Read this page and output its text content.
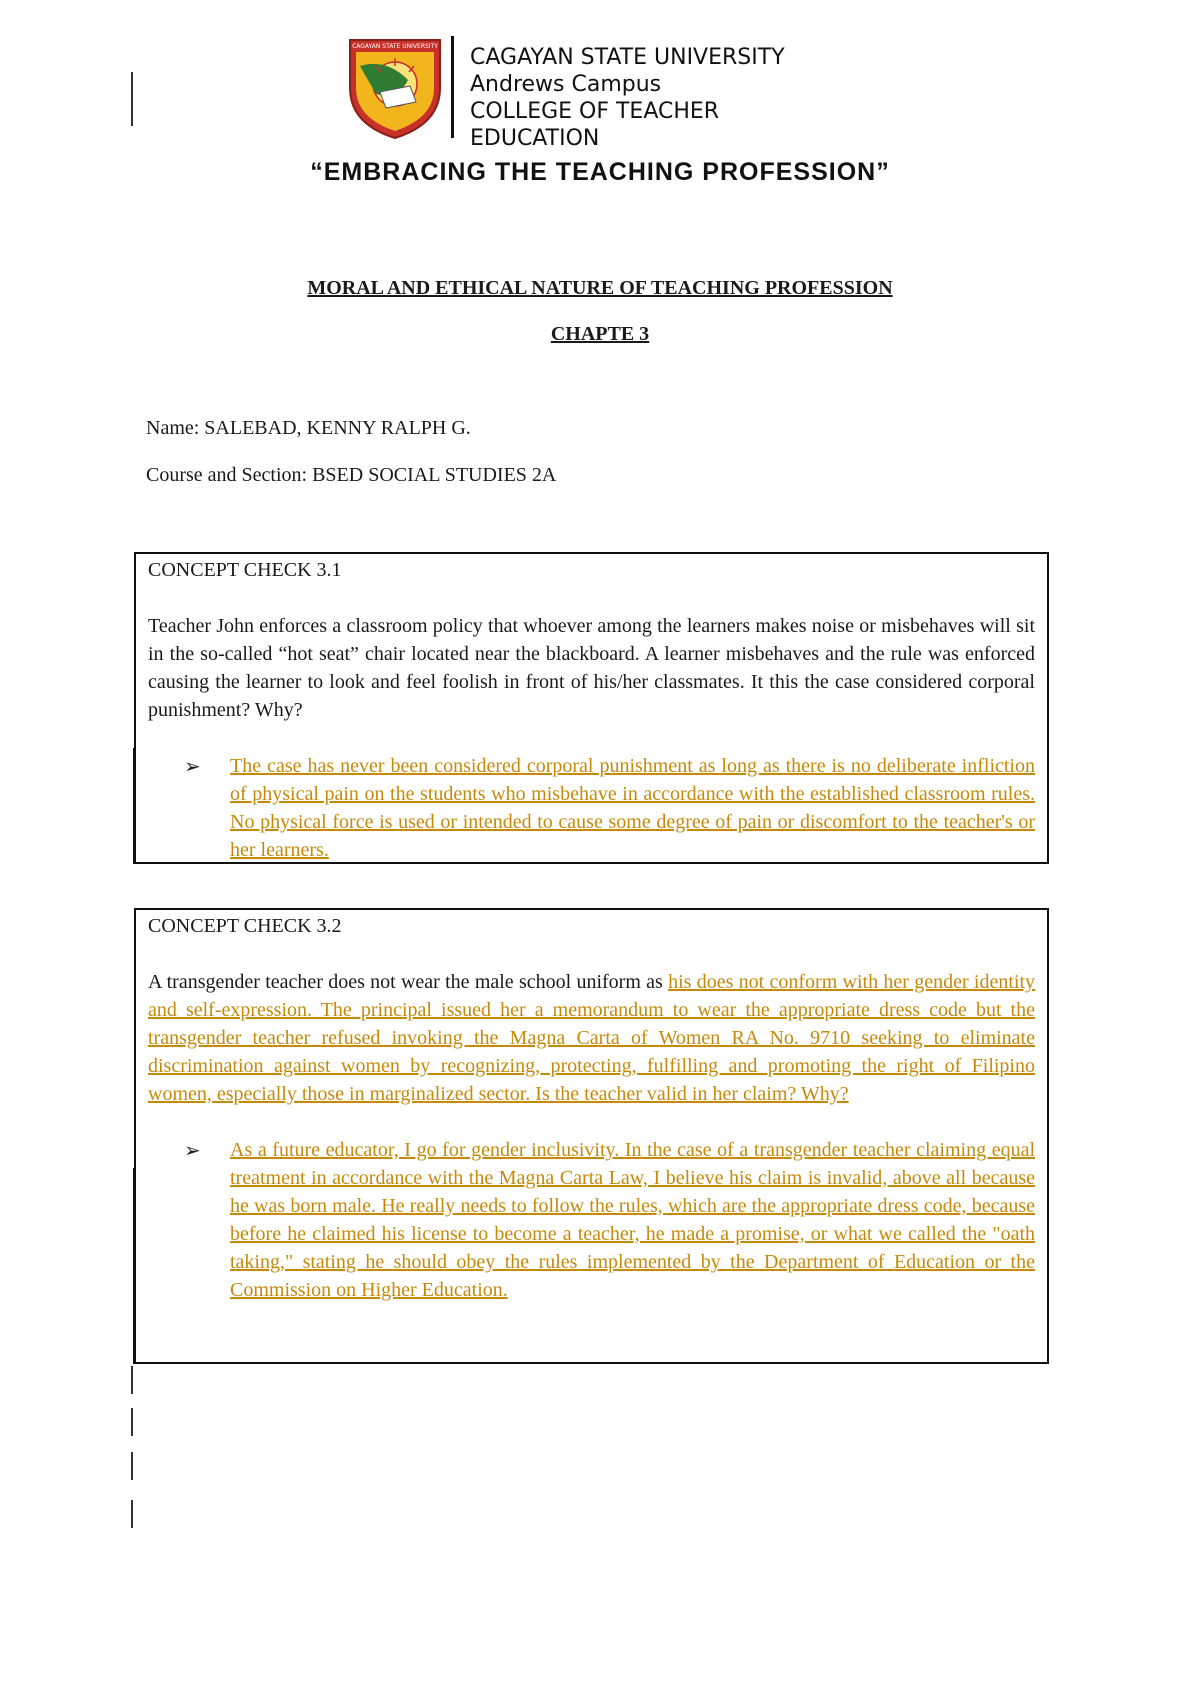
CAGAYAN STATE UNIVERSITY CAGAYAN STATE UNIVERSITY
Andrews Campus
COLLEGE OF TEACHER
EDUCATION
“EMBRACING THE TEACHING PROFESSION”
MORAL AND ETHICAL NATURE OF TEACHING PROFESSION
CHAPTE 3
Name: SALEBAD, KENNY RALPH G.
Course and Section: BSED SOCIAL STUDIES 2A

CONCEPT CHECK 3.1

Teacher John enforces a classroom policy that whoever among the learners makes noise or misbehaves will sit in the so-called “hot seat” chair located near the blackboard. A learner misbehaves and the rule was enforced causing the learner to look and feel foolish in front of his/her classmates. It this the case considered corporal punishment? Why?

➢	The case has never been considered corporal punishment as long as there is no deliberate infliction of physical pain on the students who misbehave in accordance with the established classroom rules. No physical force is used or intended to cause some degree of pain or discomfort to the teacher's or her learners.

CONCEPT CHECK 3.2

A transgender teacher does not wear the male school uniform as his does not conform with her gender identity and self-expression. The principal issued her a memorandum to wear the appropriate dress code but the transgender teacher refused invoking the Magna Carta of Women RA No. 9710 seeking to eliminate discrimination against women by recognizing, protecting, fulfilling and promoting the right of Filipino women, especially those in marginalized sector. Is the teacher valid in her claim? Why?

➢	As a future educator, I go for gender inclusivity. In the case of a transgender teacher claiming equal treatment in accordance with the Magna Carta Law, I believe his claim is invalid, above all because he was born male. He really needs to follow the rules, which are the appropriate dress code, because before he claimed his license to become a teacher, he made a promise, or what we called the "oath taking," stating he should obey the rules implemented by the Department of Education or the Commission on Higher Education.
